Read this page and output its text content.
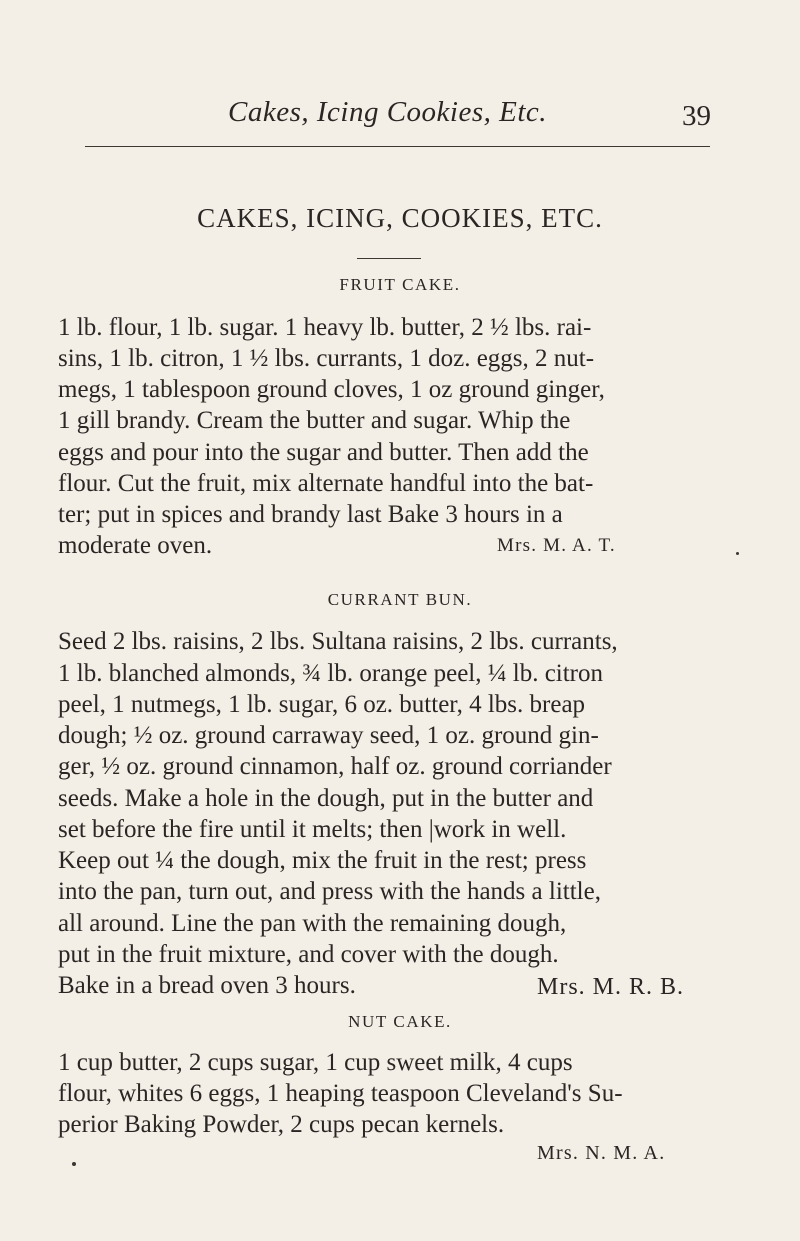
Cakes, Icing Cookies, Etc.	39
CAKES, ICING, COOKIES, ETC.
FRUIT CAKE.
1 lb. flour, 1 lb. sugar. 1 heavy lb. butter, 2 ½ lbs. rai-
sins, 1 lb. citron, 1 ½ lbs. currants, 1 doz. eggs, 2 nut-
megs, 1 tablespoon ground cloves, 1 oz ground ginger,
1 gill brandy. Cream the butter and sugar. Whip the
eggs and pour into the sugar and butter. Then add the
flour. Cut the fruit, mix alternate handful into the bat-
ter; put in spices and brandy last Bake 3 hours in a
moderate oven.	Mrs. M. A. T.
CURRANT BUN.
Seed 2 lbs. raisins, 2 lbs. Sultana raisins, 2 lbs. currants,
1 lb. blanched almonds, ¾ lb. orange peel, ¼ lb. citron
peel, 1 nutmegs, 1 lb. sugar, 6 oz. butter, 4 lbs. breap
dough; ½ oz. ground carraway seed, 1 oz. ground gin-
ger, ½ oz. ground cinnamon, half oz. ground corriander
seeds. Make a hole in the dough, put in the butter and
set before the fire until it melts; then |work in well.
Keep out ¼ the dough, mix the fruit in the rest; press
into the pan, turn out, and press with the hands a little,
all around. Line the pan with the remaining dough,
put in the fruit mixture, and cover with the dough.
Bake in a bread oven 3 hours.	Mrs. M. R. B.
NUT CAKE.
1 cup butter, 2 cups sugar, 1 cup sweet milk, 4 cups
flour, whites 6 eggs, 1 heaping teaspoon Cleveland's Su-
perior Baking Powder, 2 cups pecan kernels.
Mrs. N. M. A.
